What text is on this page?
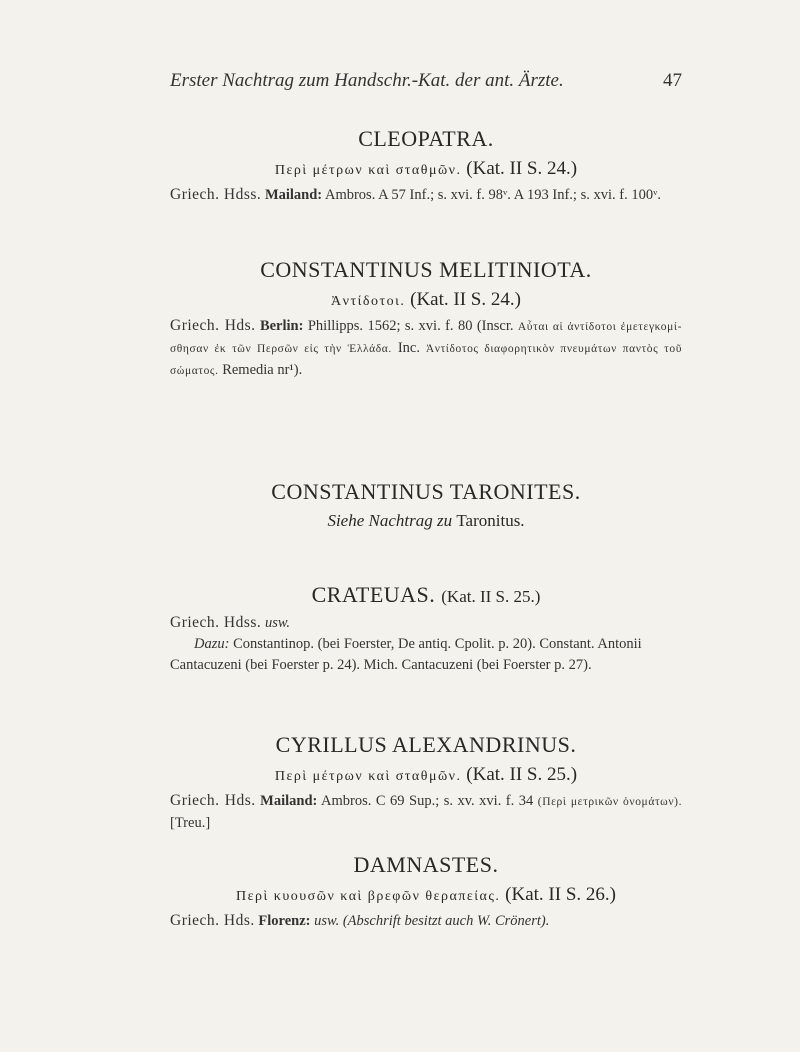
Erster Nachtrag zum Handschr.-Kat. der ant. Ärzte.	47
CLEOPATRA.
Περὶ μέτρων καὶ σταθμῶν. (Kat. II S. 24.)
Griech. Hdss. Mailand: Ambros. A 57 Inf.; s. xvi. f. 98ᵛ. A 193 Inf.; s. xvi. f. 100ᵛ.
CONSTANTINUS MELITINIOTA.
Ἀντίδοτοι. (Kat. II S. 24.)
Griech. Hds. Berlin: Phillipps. 1562; s. xvi. f. 80 (Inscr. Αὗται αἱ ἀντίδοτοι ἐμετεγκομί- σθησαν ἐκ τῶν Περσῶν εἰς τὴν Ἑλλάδα. Inc. Ἀντίδοτος διαφορητικὸν πνευμάτων παντὸς τοῦ σώματος. Remedia nr¹).
CONSTANTINUS TARONITES.
Siehe Nachtrag zu Taronitus.
CRATEUAS. (Kat. II S. 25.)
Griech. Hdss. usw.
Dazu: Constantinop. (bei Foerster, De antiq. Cpolit. p. 20). Constant. Antonii
Cantacuzeni (bei Foerster p. 24). Mich. Cantacuzeni (bei Foerster p. 27).
CYRILLUS ALEXANDRINUS.
Περὶ μέτρων καὶ σταθμῶν. (Kat. II S. 25.)
Griech. Hds. Mailand: Ambros. C 69 Sup.; s. xv. xvi. f. 34 (Περὶ μετρικῶν ὀνομάτων). [Treu.]
DAMNASTES.
Περὶ κυουσῶν καὶ βρεφῶν θεραπείας. (Kat. II S. 26.)
Griech. Hds. Florenz: usw. (Abschrift besitzt auch W. Crönert).
